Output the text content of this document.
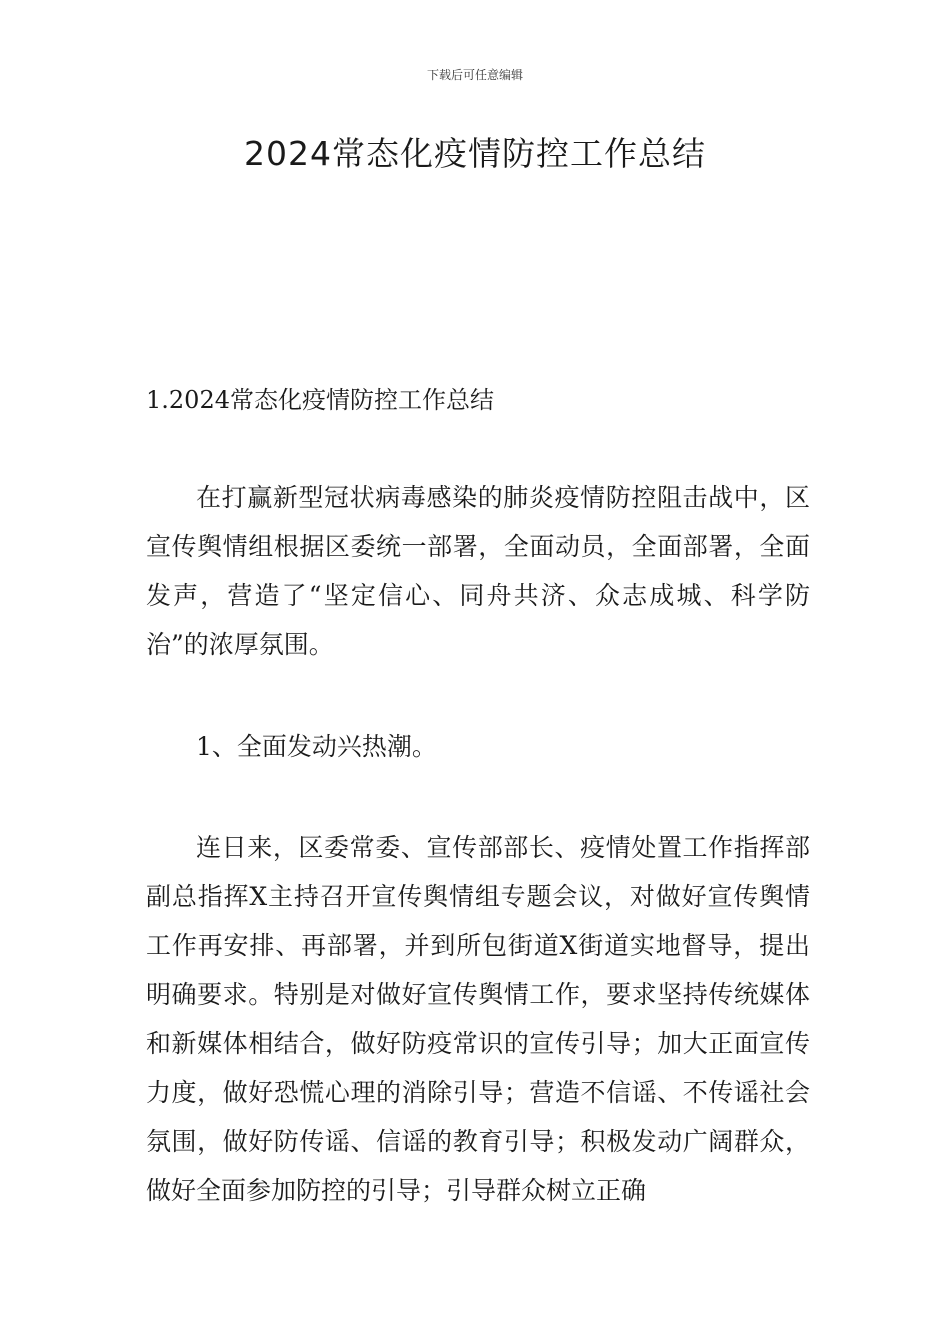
下载后可任意编辑
2024常态化疫情防控工作总结
1.2024常态化疫情防控工作总结

在打赢新型冠状病毒感染的肺炎疫情防控阻击战中，区宣传舆情组根据区委统一部署，全面动员，全面部署，全面发声，营造了“坚定信心、同舟共济、众志成城、科学防治”的浓厚氛围。

1、全面发动兴热潮。

连日来，区委常委、宣传部部长、疫情处置工作指挥部副总指挥X主持召开宣传舆情组专题会议，对做好宣传舆情工作再安排、再部署，并到所包街道X街道实地督导，提出明确要求。特别是对做好宣传舆情工作，要求坚持传统媒体和新媒体相结合，做好防疫常识的宣传引导；加大正面宣传力度，做好恐慌心理的消除引导；营造不信谣、不传谣社会氛围，做好防传谣、信谣的教育引导；积极发动广阔群众，做好全面参加防控的引导；引导群众树立正确
